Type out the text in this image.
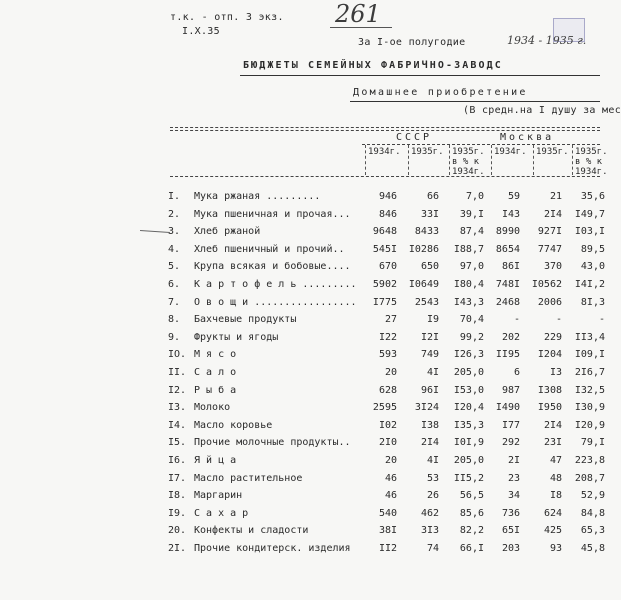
т.к. - отп. 3 экз.
I.X.35
261
За I-ое полугодие	1934 - 1935 г.
БЮДЖЕТЫ СЕМЕЙНЫХ ФАБРИЧНО-ЗАВОДС
Домашнее приобретение
(В средн.на I душу за мес
СССР	Москва
1934г. 1935г. 1935г. в % к 1934г.
1934г. 1935г. 1935г. в % к 1934г.
I. Мука ржаная .........	946	66	7,0 59	21 35,6
2. Мука пшеничная и прочая...	846 33I 39,I I43 2I4 I49,7
3. Хлеб ржаной	9648 8433 87,4 8990 927I I03,I
4. Хлеб пшеничный и прочий..	545I I0286 I88,7 8654 7747 89,5
5. Крупа всякая и бобовые....	670 650 97,0 86I 370 43,0
6. К а р т о ф е л ь ......... 5902 I0649 I80,4 748I I0562 I4I,2
7. О в о щ и ................. I775 2543 I43,3 2468 2006 8I,3
8. Бахчевые продукты	27	I9 70,4	-	-	-
9. Фрукты и ягоды	I22 I2I 99,2 202 229 II3,4
IO. М я с о	593 749 I26,3 II95 I204 I09,I
II. С а л о	20	4I 205,0	6	I3 2I6,7
I2. Р ы б а	628 96I I53,0 987 I308 I32,5
I3. Молоко	2595 3I24 I20,4 I490 I950 I30,9
I4. Масло коровье	I02 I38 I35,3 I77 2I4 I20,9
I5. Прочие молочные продукты..	2I0 2I4 I0I,9 292 23I 79,I
I6. Я й ц а	20	4I 205,0 2I	47 223,8
I7. Масло растительное	46	53 II5,2 23	48 208,7
I8. Маргарин	46	26 56,5 34	I8 52,9
I9. С а х а р	540 462 85,6 736 624 84,8
20. Конфекты и сладости	38I 3I3 82,2 65I 425 65,3
2I. Прочие кондитерск. изделия	II2	74 66,I 203	93 45,8
